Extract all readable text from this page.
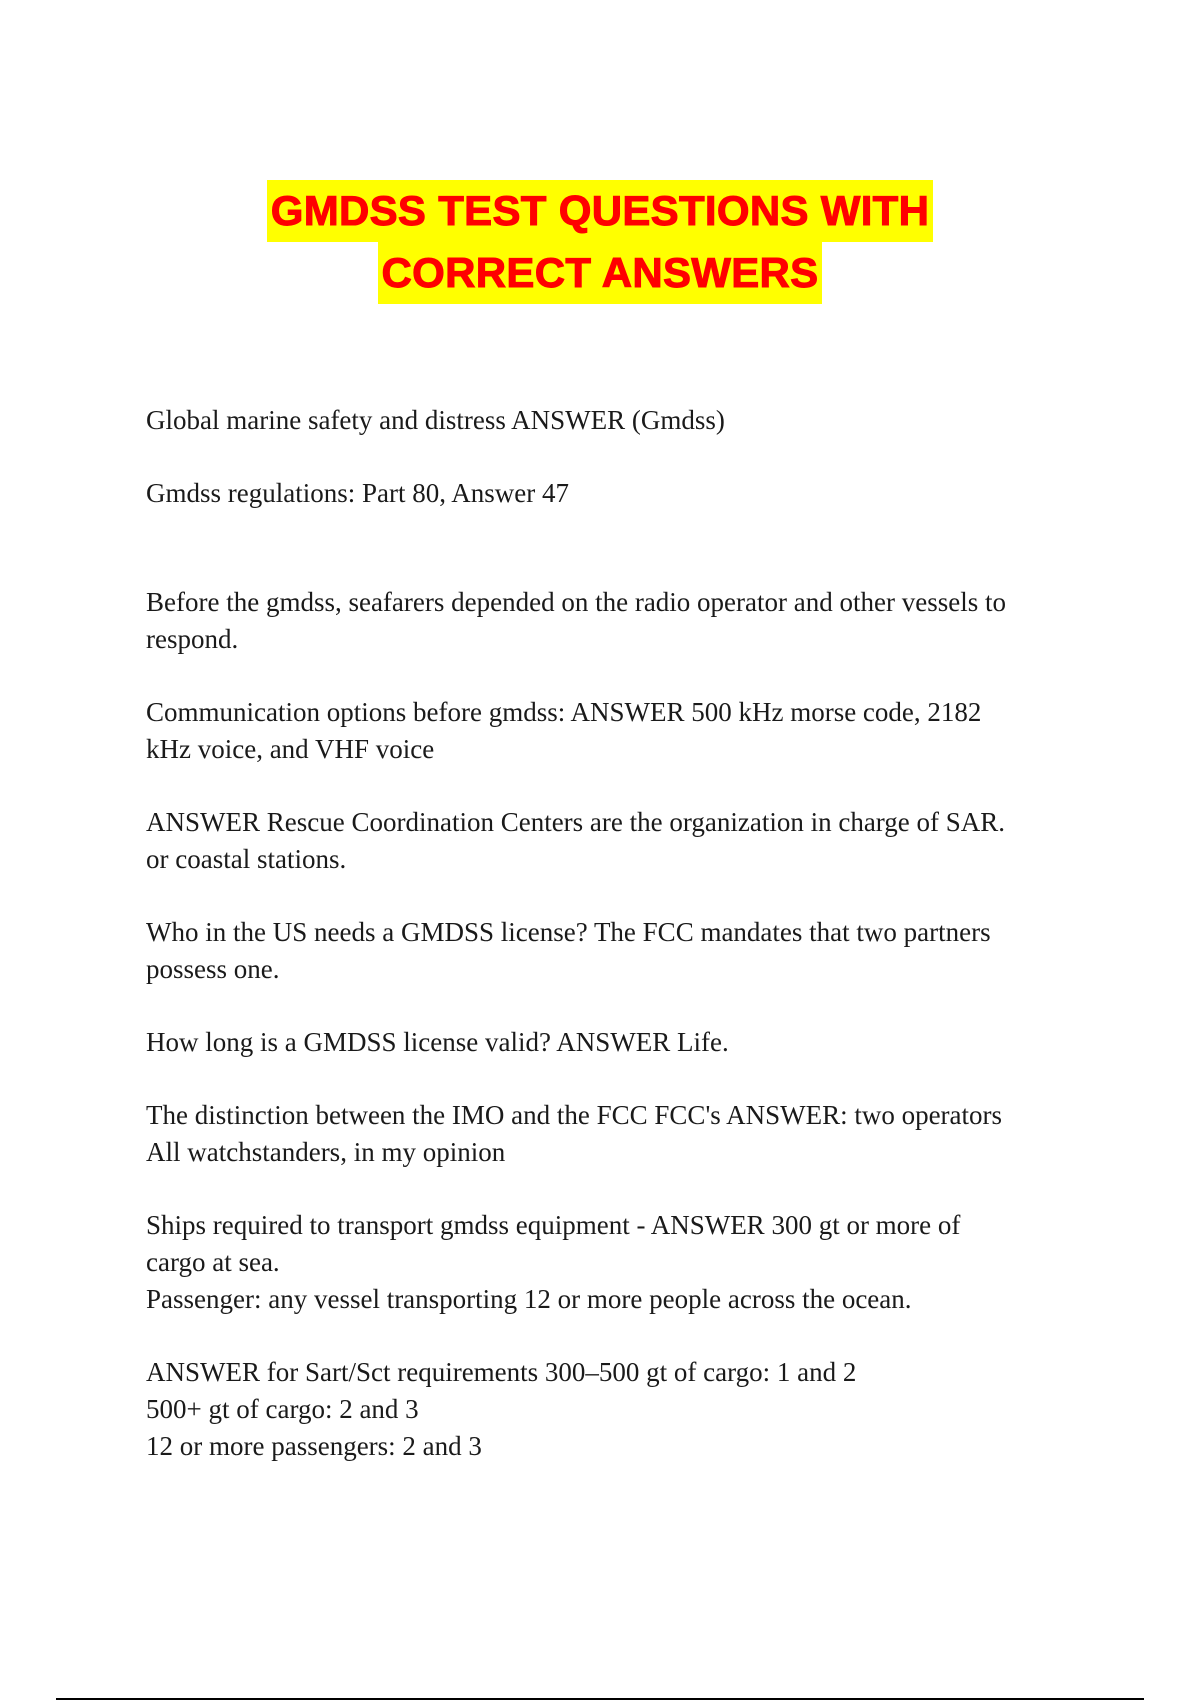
GMDSS TEST QUESTIONS WITH
CORRECT ANSWERS

Global marine safety and distress ANSWER (Gmdss)

Gmdss regulations: Part 80, Answer 47

Before the gmdss, seafarers depended on the radio operator and other vessels to
respond.

Communication options before gmdss: ANSWER 500 kHz morse code, 2182
kHz voice, and VHF voice

ANSWER Rescue Coordination Centers are the organization in charge of SAR.
or coastal stations.

Who in the US needs a GMDSS license? The FCC mandates that two partners
possess one.

How long is a GMDSS license valid? ANSWER Life.

The distinction between the IMO and the FCC FCC's ANSWER: two operators
All watchstanders, in my opinion

Ships required to transport gmdss equipment - ANSWER 300 gt or more of
cargo at sea.
Passenger: any vessel transporting 12 or more people across the ocean.

ANSWER for Sart/Sct requirements 300–500 gt of cargo: 1 and 2
500+ gt of cargo: 2 and 3
12 or more passengers: 2 and 3
